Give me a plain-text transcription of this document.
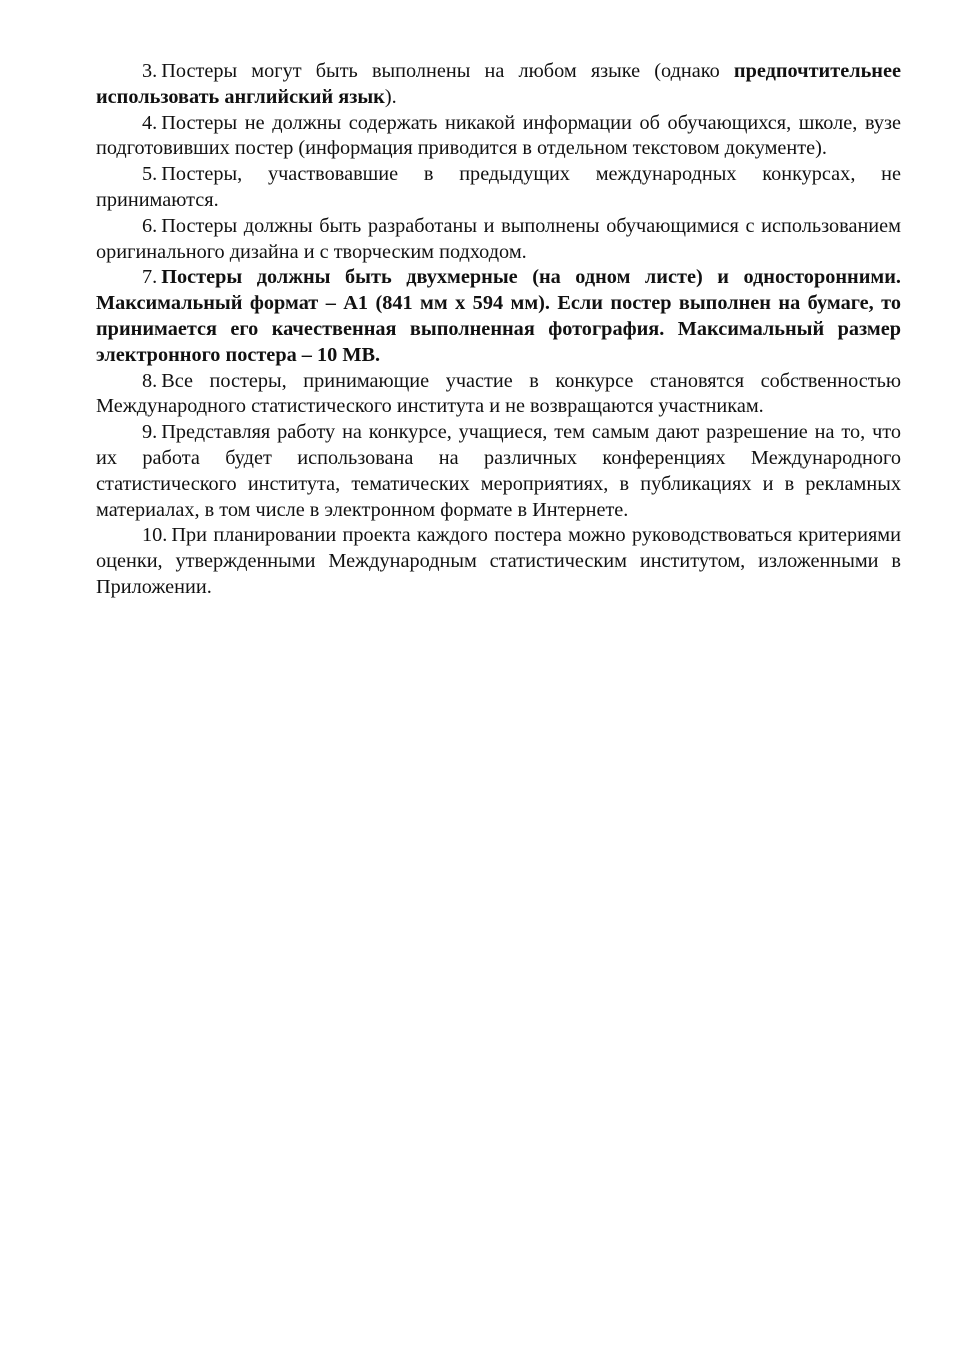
3. Постеры могут быть выполнены на любом языке (однако предпочтительнее использовать английский язык).

4. Постеры не должны содержать никакой информации об обучающихся, школе, вузе подготовивших постер (информация приводится в отдельном текстовом документе).

5. Постеры, участвовавшие в предыдущих международных конкурсах, не принимаются.

6. Постеры должны быть разработаны и выполнены обучающимися с использованием оригинального дизайна и с творческим подходом.

7. Постеры должны быть двухмерные (на одном листе) и односторонними. Максимальный формат – А1 (841 мм х 594 мм). Если постер выполнен на бумаге, то принимается его качественная выполненная фотография. Максимальный размер электронного постера – 10 MB.

8. Все постеры, принимающие участие в конкурсе становятся собственностью Международного статистического института и не возвращаются участникам.

9. Представляя работу на конкурсе, учащиеся, тем самым дают разрешение на то, что их работа будет использована на различных конференциях Международного статистического института, тематических мероприятиях, в публикациях и в рекламных материалах, в том числе в электронном формате в Интернете.

10. При планировании проекта каждого постера можно руководствоваться критериями оценки, утвержденными Международным статистическим институтом, изложенными в Приложении.
